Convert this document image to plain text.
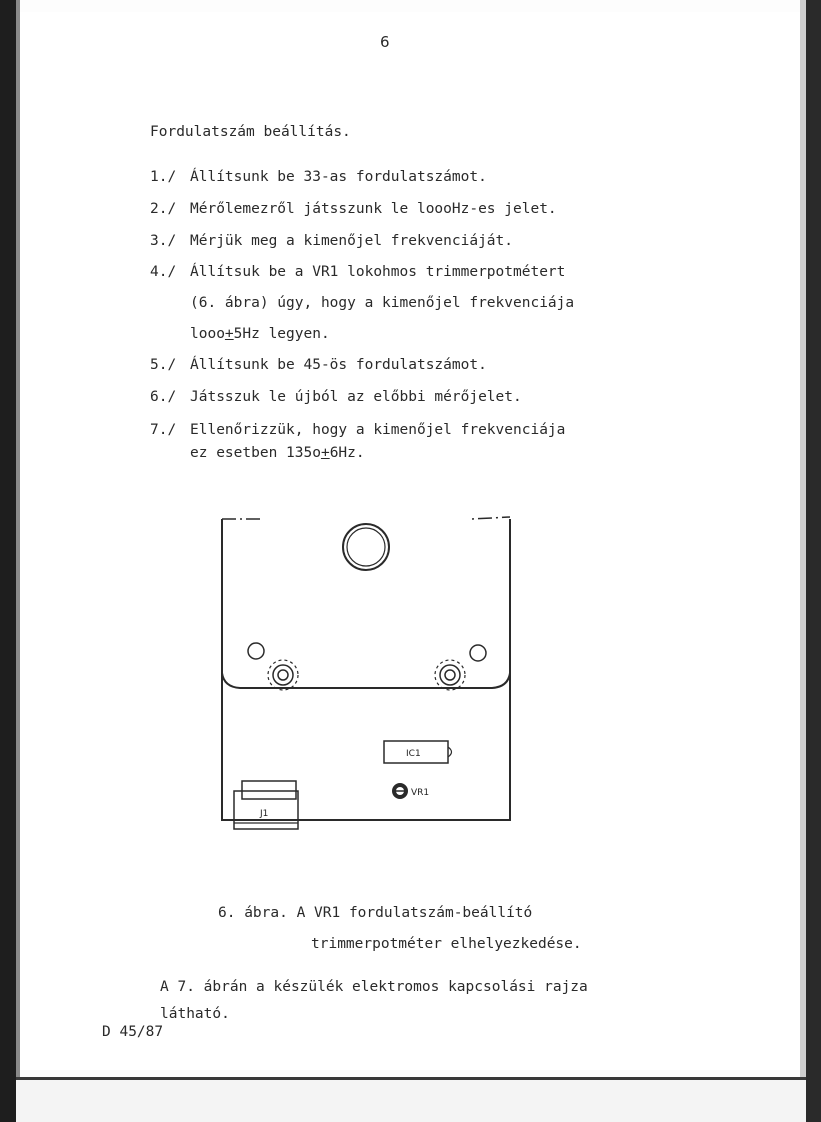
6
Fordulatszám beállítás.
1./ Állítsunk be 33-as fordulatszámot.
2./ Mérőlemezről játsszunk le loooHz-es jelet.
3./ Mérjük meg a kimenőjel frekvenciáját.
4./ Állítsuk be a VR1 lokohmos trimmerpotmétert
(6. ábra) úgy, hogy a kimenőjel frekvenciája
looo+5Hz legyen.
5./ Állítsunk be 45-ös fordulatszámot.
6./ Játsszuk le újból az előbbi mérőjelet.
7./ Ellenőrizzük, hogy a kimenőjel frekvenciája
ez esetben 135o+6Hz.
IC1
VR1
J1
6. ábra. A VR1 fordulatszám-beállító
trimmerpotméter elhelyezkedése.
A 7. ábrán a készülék elektromos kapcsolási rajza
látható.
D 45/87
